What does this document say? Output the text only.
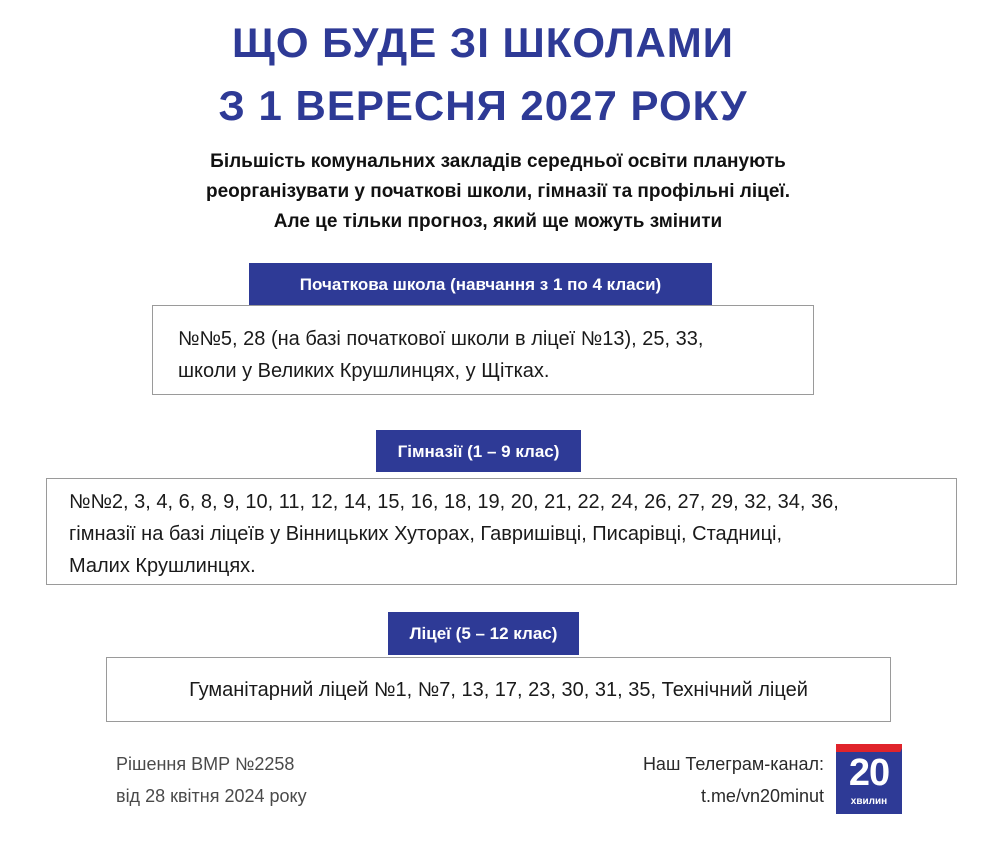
ЩО БУДЕ ЗІ ШКОЛАМИ
З 1 ВЕРЕСНЯ 2027 РОКУ
Більшість комунальних закладів середньої освіти планують
реорганізувати у початкові школи, гімназії та профільні ліцеї.
Але це тільки прогноз, який ще можуть змінити
Початкова школа (навчання з 1 по 4 класи)
№№5, 28 (на базі початкової школи в ліцеї №13), 25, 33,
школи у Великих Крушлинцях, у Щітках.
Гімназії (1 – 9 клас)
№№2, 3, 4, 6, 8, 9, 10, 11, 12, 14, 15, 16, 18, 19, 20, 21, 22, 24, 26, 27, 29, 32, 34, 36,
гімназії на базі ліцеїв у Вінницьких Хуторах, Гавришівці, Писарівці, Стадниці,
Малих Крушлинцях.
Ліцеї (5 – 12 клас)
Гуманітарний ліцей №1, №7, 13, 17, 23, 30, 31, 35, Технічний ліцей
Рішення ВМР №2258
від 28 квітня 2024 року
Наш Телеграм-канал:
t.me/vn20minut
20
хвилин
